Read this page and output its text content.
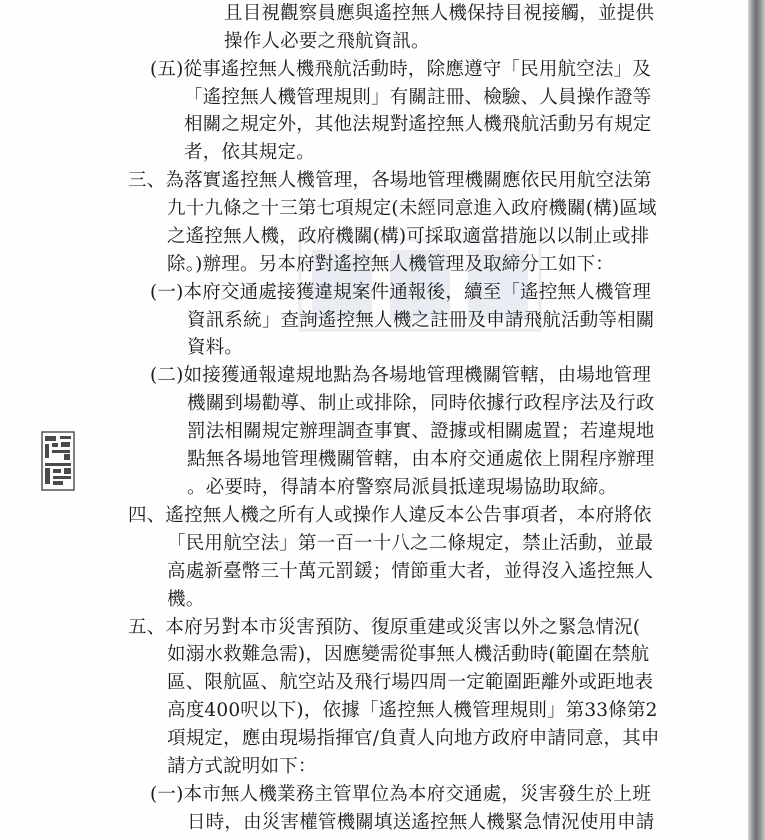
且目視觀察員應與遙控無人機保持目視接觸，並提供
操作人必要之飛航資訊。
(五)從事遙控無人機飛航活動時，除應遵守「民用航空法」及
「遙控無人機管理規則」有關註冊、檢驗、人員操作證等
相關之規定外，其他法規對遙控無人機飛航活動另有規定
者，依其規定。
三、為落實遙控無人機管理，各場地管理機關應依民用航空法第
九十九條之十三第七項規定(未經同意進入政府機關(構)區域
之遙控無人機，政府機關(構)可採取適當措施以以制止或排
除。)辦理。另本府對遙控無人機管理及取締分工如下：
(一)本府交通處接獲違規案件通報後，續至「遙控無人機管理
資訊系統」查詢遙控無人機之註冊及申請飛航活動等相關
資料。
(二)如接獲通報違規地點為各場地管理機關管轄，由場地管理
機關到場勸導、制止或排除，同時依據行政程序法及行政
罰法相關規定辦理調查事實、證據或相關處置；若違規地
點無各場地管理機關管轄，由本府交通處依上開程序辦理
。必要時，得請本府警察局派員抵達現場協助取締。
四、遙控無人機之所有人或操作人違反本公告事項者，本府將依
「民用航空法」第一百一十八之二條規定，禁止活動，並最
高處新臺幣三十萬元罰鍰；情節重大者，並得沒入遙控無人
機。
五、本府另對本市災害預防、復原重建或災害以外之緊急情況(
如溺水救難急需)，因應變需從事無人機活動時(範圍在禁航
區、限航區、航空站及飛行場四周一定範圍距離外或距地表
高度400呎以下)，依據「遙控無人機管理規則」第33條第2
項規定，應由現場指揮官/負責人向地方政府申請同意，其申
請方式說明如下：
(一)本市無人機業務主管單位為本府交通處，災害發生於上班
日時，由災害權管機關填送遙控無人機緊急情況使用申請
